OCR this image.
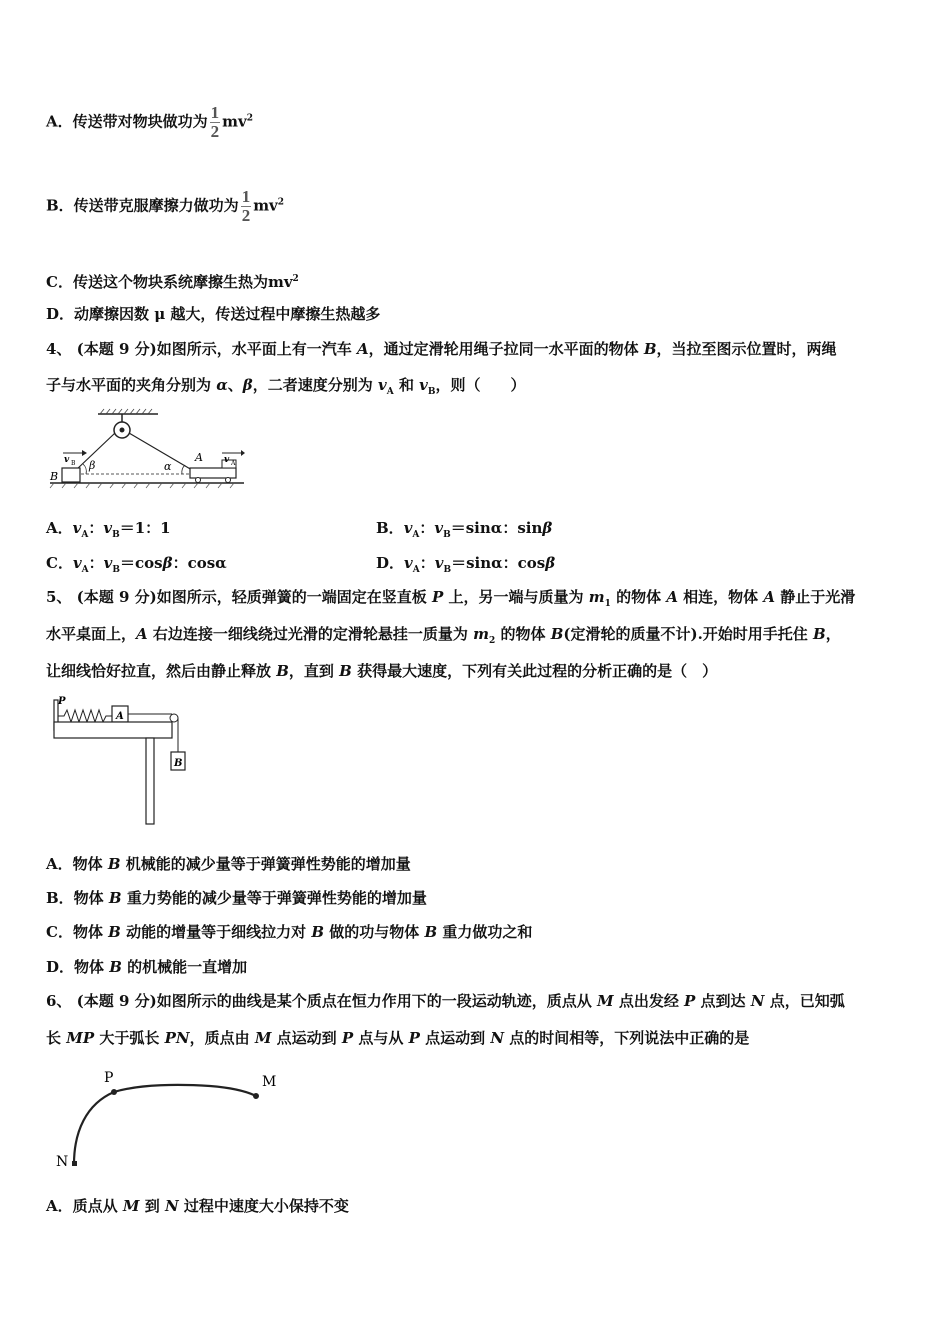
A．传送带对物块做功为 $\frac{1}{2} mv^2$
B．传送带克服摩擦力做功为 $\frac{1}{2} mv^2$
C．传送这个物块系统摩擦生热为$mv^2$
D．动摩擦因数 μ 越大，传送过程中摩擦生热越多
4、 (本题 9 分)如图所示，水平面上有一汽车 A，通过定滑轮用绳子拉同一水平面的物体 B，当拉至图示位置时，两绳
子与水平面的夹角分别为 α、β，二者速度分别为 $v_A$ 和 $v_B$，则（　　）
v B	v A
B
A
β	α
A．$v_A$：$v_B=1$：1	B．$v_A$：$v_B=\sin\alpha$：sinβ
C．$v_A$：$v_B=\cos\beta$：cosα	D．$v_A$：$v_B=\sin\alpha$：cosβ
5、 (本题 9 分)如图所示，轻质弹簧的一端固定在竖直板 P 上，另一端与质量为 $m_1$ 的物体 A 相连，物体 A 静止于光滑
水平桌面上，A 右边连接一细线绕过光滑的定滑轮悬挂一质量为 $m_2$ 的物体 B(定滑轮的质量不计).开始时用手托住 B，
让细线恰好拉直，然后由静止释放 B，直到 B 获得最大速度，下列有关此过程的分析正确的是（　）
P
A
B
A．物体 B 机械能的减少量等于弹簧弹性势能的增加量
B．物体 B 重力势能的减少量等于弹簧弹性势能的增加量
C．物体 B 动能的增量等于细线拉力对 B 做的功与物体 B 重力做功之和
D．物体 B 的机械能一直增加
6、 (本题 9 分)如图所示的曲线是某个质点在恒力作用下的一段运动轨迹，质点从 M 点出发经 P 点到达 N 点，已知弧
长 MP 大于弧长 PN，质点由 M 点运动到 P 点与从 P 点运动到 N 点的时间相等，下列说法中正确的是
P	M
N
A．质点从 M 到 N 过程中速度大小保持不变
